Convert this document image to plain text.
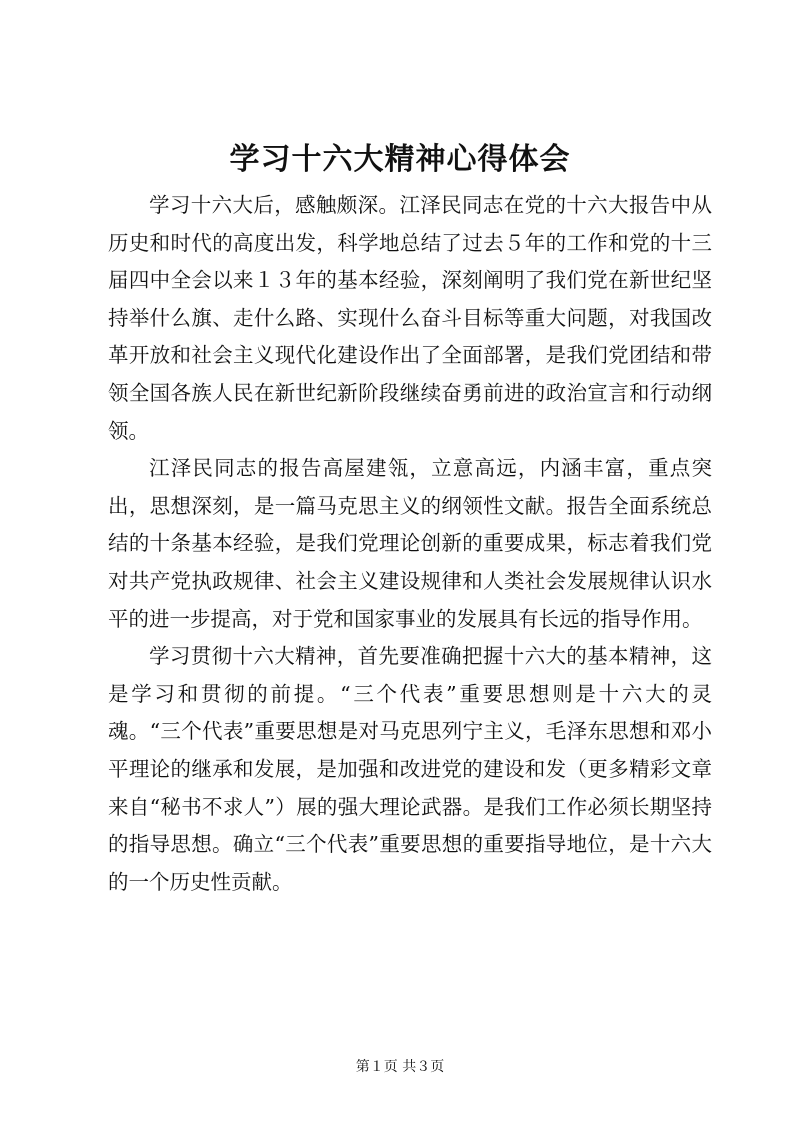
学习十六大精神心得体会

学习十六大后，感触颇深。江泽民同志在党的十六大报告中从历史和时代的高度出发，科学地总结了过去５年的工作和党的十三届四中全会以来１３年的基本经验，深刻阐明了我们党在新世纪坚持举什么旗、走什么路、实现什么奋斗目标等重大问题，对我国改革开放和社会主义现代化建设作出了全面部署，是我们党团结和带领全国各族人民在新世纪新阶段继续奋勇前进的政治宣言和行动纲领。

江泽民同志的报告高屋建瓴，立意高远，内涵丰富，重点突出，思想深刻，是一篇马克思主义的纲领性文献。报告全面系统总结的十条基本经验，是我们党理论创新的重要成果，标志着我们党对共产党执政规律、社会主义建设规律和人类社会发展规律认识水平的进一步提高，对于党和国家事业的发展具有长远的指导作用。

学习贯彻十六大精神，首先要准确把握十六大的基本精神，这是学习和贯彻的前提。“三个代表”重要思想则是十六大的灵魂。“三个代表”重要思想是对马克思列宁主义，毛泽东思想和邓小平理论的继承和发展，是加强和改进党的建设和发（更多精彩文章来自“秘书不求人”）展的强大理论武器。是我们工作必须长期坚持的指导思想。确立“三个代表”重要思想的重要指导地位，是十六大的一个历史性贡献。

第１页 共３页
